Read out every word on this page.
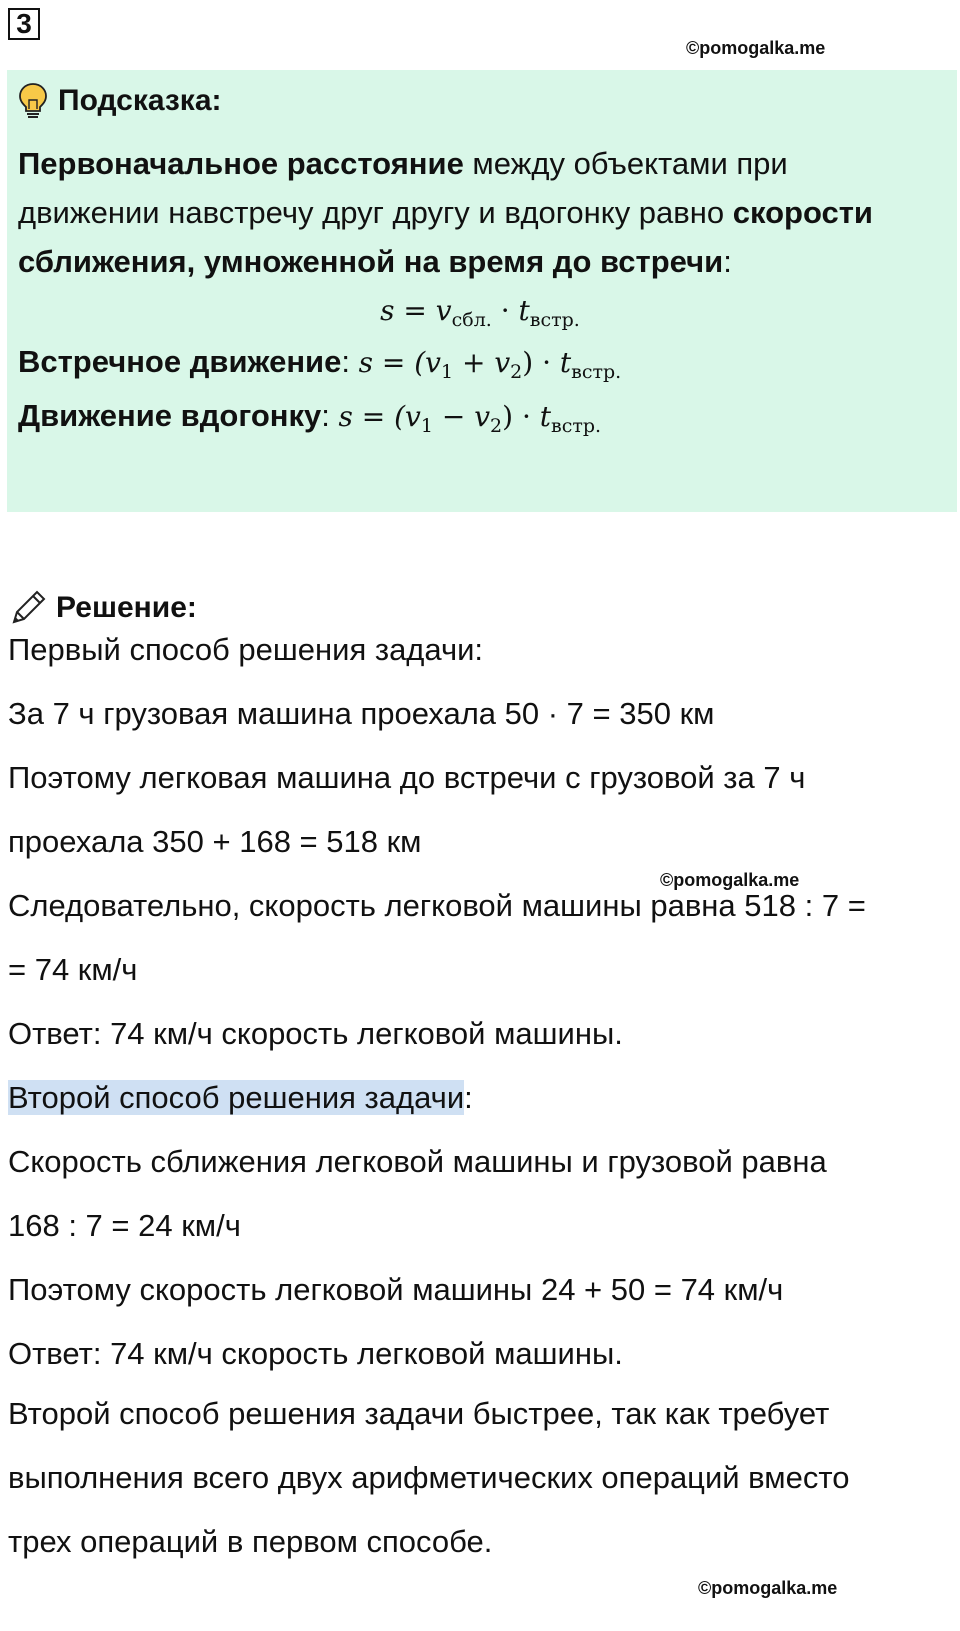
3
©pomogalka.me
Подсказка:
Первоначальное расстояние между объектами при
движении навстречу друг другу и вдогонку равно скорости
сближения, умноженной на время до встречи:
$s = v_{сбл.} \cdot t_{встр.}$
Встречное движение: $s = (v_1 + v_2) \cdot t_{встр.}$
Движение вдогонку: $s = (v_1 - v_2) \cdot t_{встр.}$
Решение:
Первый способ решения задачи:
За 7 ч грузовая машина проехала 50 · 7 = 350 км
Поэтому легковая машина до встречи с грузовой за 7 ч
проехала 350 + 168 = 518 км
©pomogalka.me
Следовательно, скорость легковой машины равна 518 : 7 =
= 74 км/ч
Ответ: 74 км/ч скорость легковой машины.
Второй способ решения задачи:
Скорость сближения легковой машины и грузовой равна
168 : 7 = 24 км/ч
Поэтому скорость легковой машины 24 + 50 = 74 км/ч
Ответ: 74 км/ч скорость легковой машины.
Второй способ решения задачи быстрее, так как требует
выполнения всего двух арифметических операций вместо
трех операций в первом способе.
©pomogalka.me
